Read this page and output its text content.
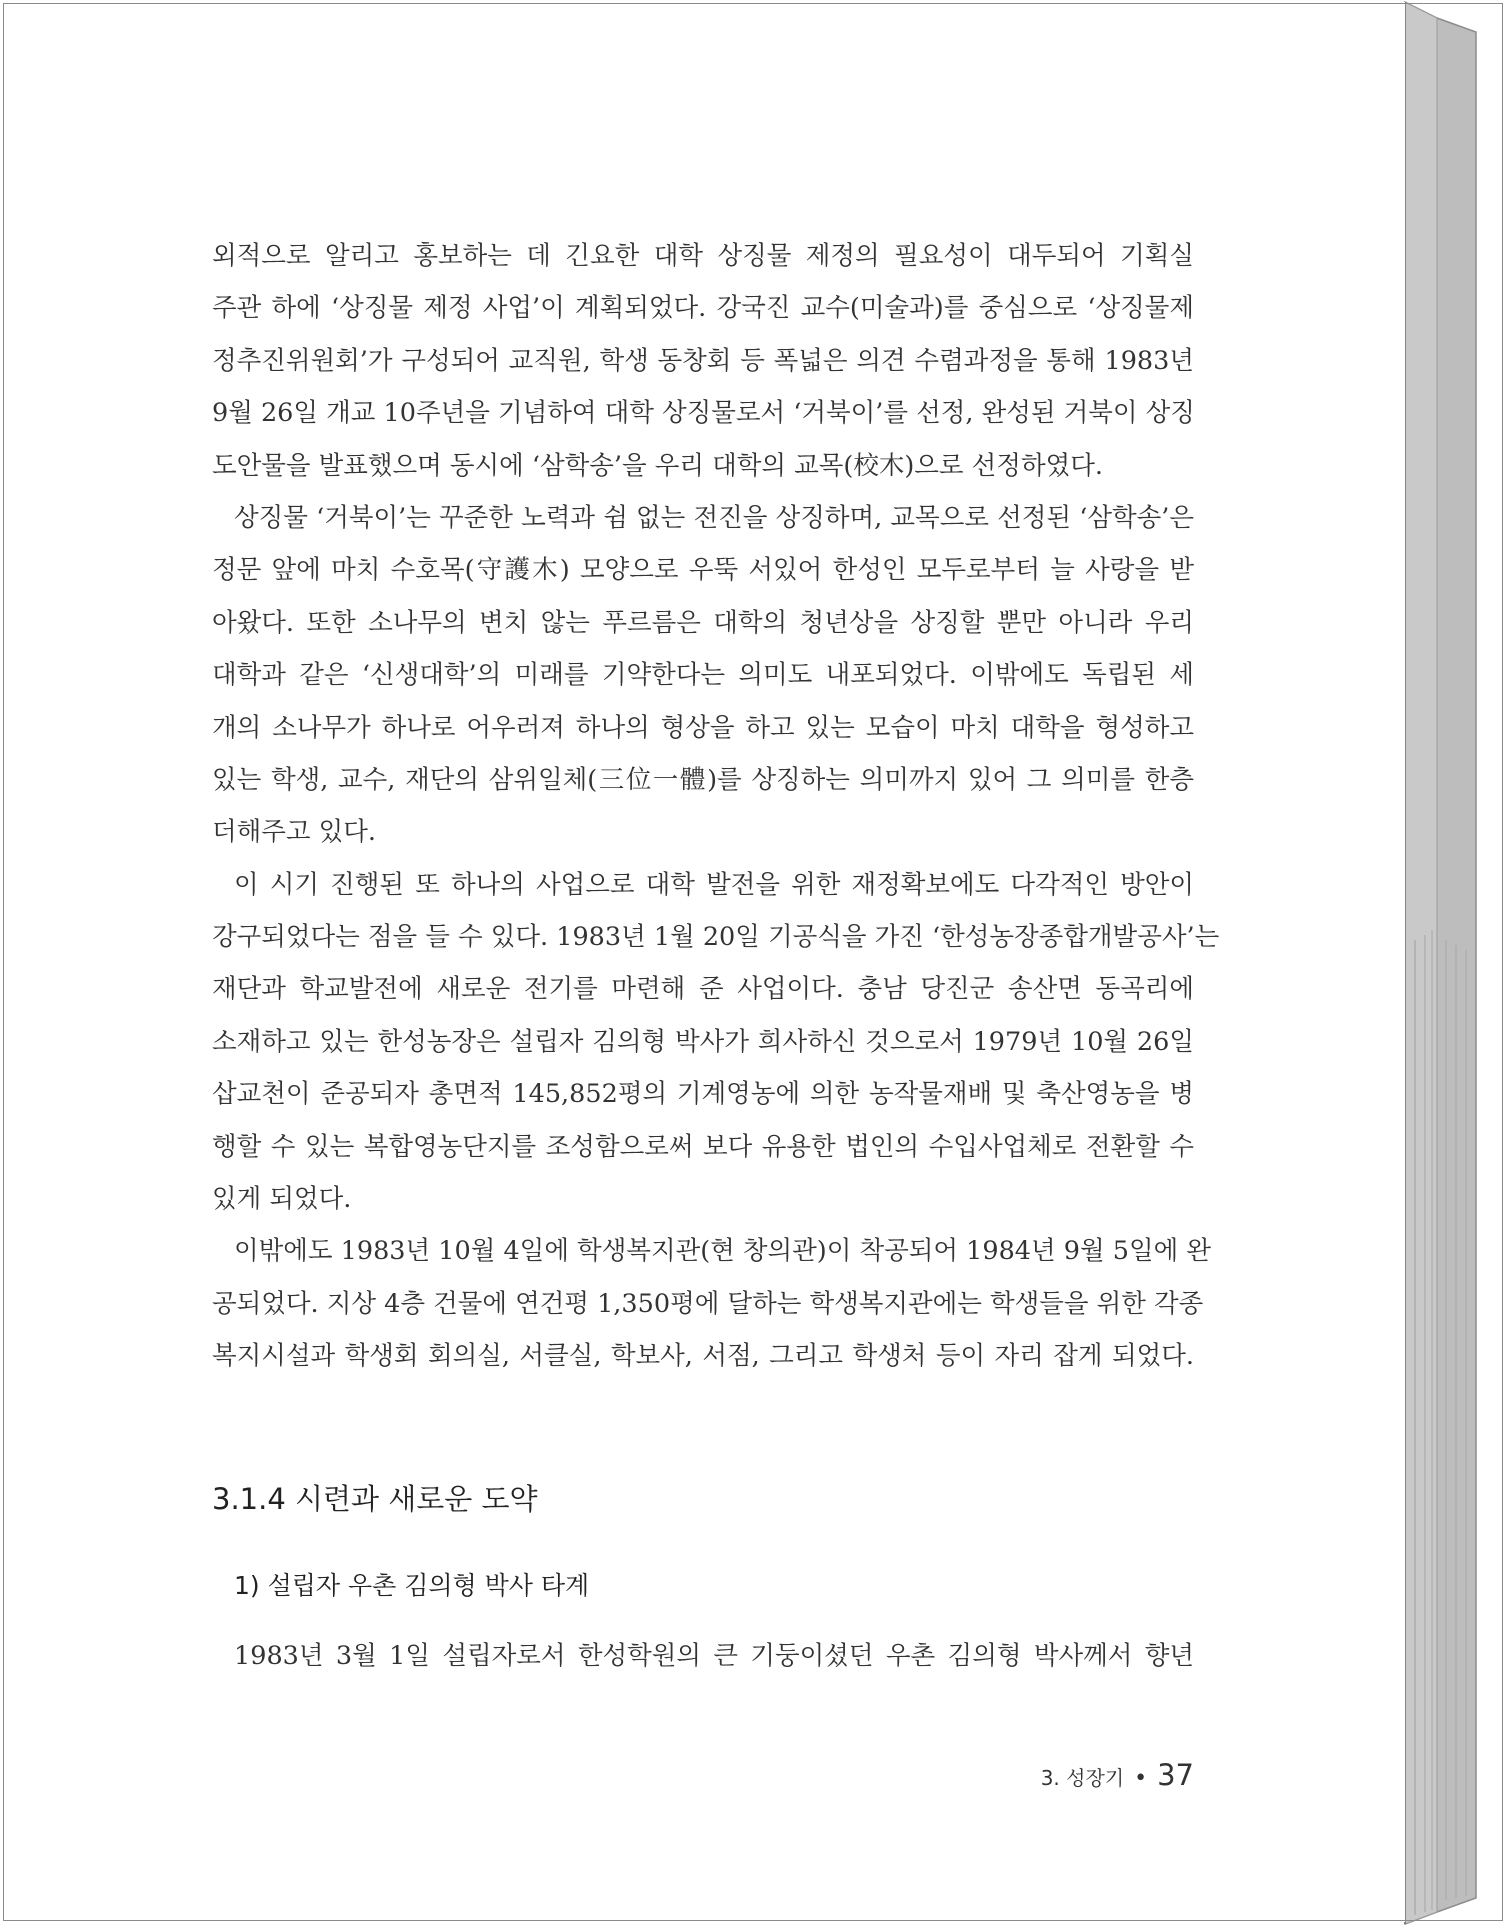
외적으로 알리고 홍보하는 데 긴요한 대학 상징물 제정의 필요성이 대두되어 기획실
주관 하에 ‘상징물 제정 사업’이 계획되었다. 강국진 교수(미술과)를 중심으로 ‘상징물제
정추진위원회’가 구성되어 교직원, 학생 동창회 등 폭넓은 의견 수렴과정을 통해 1983년
9월 26일 개교 10주년을 기념하여 대학 상징물로서 ‘거북이’를 선정, 완성된 거북이 상징
도안물을 발표했으며 동시에 ‘삼학송’을 우리 대학의 교목(校木)으로 선정하였다.
상징물 ‘거북이’는 꾸준한 노력과 쉼 없는 전진을 상징하며, 교목으로 선정된 ‘삼학송’은
정문 앞에 마치 수호목(守護木) 모양으로 우뚝 서있어 한성인 모두로부터 늘 사랑을 받
아왔다. 또한 소나무의 변치 않는 푸르름은 대학의 청년상을 상징할 뿐만 아니라 우리
대학과 같은 ‘신생대학’의 미래를 기약한다는 의미도 내포되었다. 이밖에도 독립된 세
개의 소나무가 하나로 어우러져 하나의 형상을 하고 있는 모습이 마치 대학을 형성하고
있는 학생, 교수, 재단의 삼위일체(三位一體)를 상징하는 의미까지 있어 그 의미를 한층
더해주고 있다.
이 시기 진행된 또 하나의 사업으로 대학 발전을 위한 재정확보에도 다각적인 방안이
강구되었다는 점을 들 수 있다. 1983년 1월 20일 기공식을 가진 ‘한성농장종합개발공사’는
재단과 학교발전에 새로운 전기를 마련해 준 사업이다. 충남 당진군 송산면 동곡리에
소재하고 있는 한성농장은 설립자 김의형 박사가 희사하신 것으로서 1979년 10월 26일
삽교천이 준공되자 총면적 145,852평의 기계영농에 의한 농작물재배 및 축산영농을 병
행할 수 있는 복합영농단지를 조성함으로써 보다 유용한 법인의 수입사업체로 전환할 수
있게 되었다.
이밖에도 1983년 10월 4일에 학생복지관(현 창의관)이 착공되어 1984년 9월 5일에 완
공되었다. 지상 4층 건물에 연건평 1,350평에 달하는 학생복지관에는 학생들을 위한 각종
복지시설과 학생회 회의실, 서클실, 학보사, 서점, 그리고 학생처 등이 자리 잡게 되었다.
3.1.4 시련과 새로운 도약
1) 설립자 우촌 김의형 박사 타계
1983년 3월 1일 설립자로서 한성학원의 큰 기둥이셨던 우촌 김의형 박사께서 향년
3. 성장기 • 37
